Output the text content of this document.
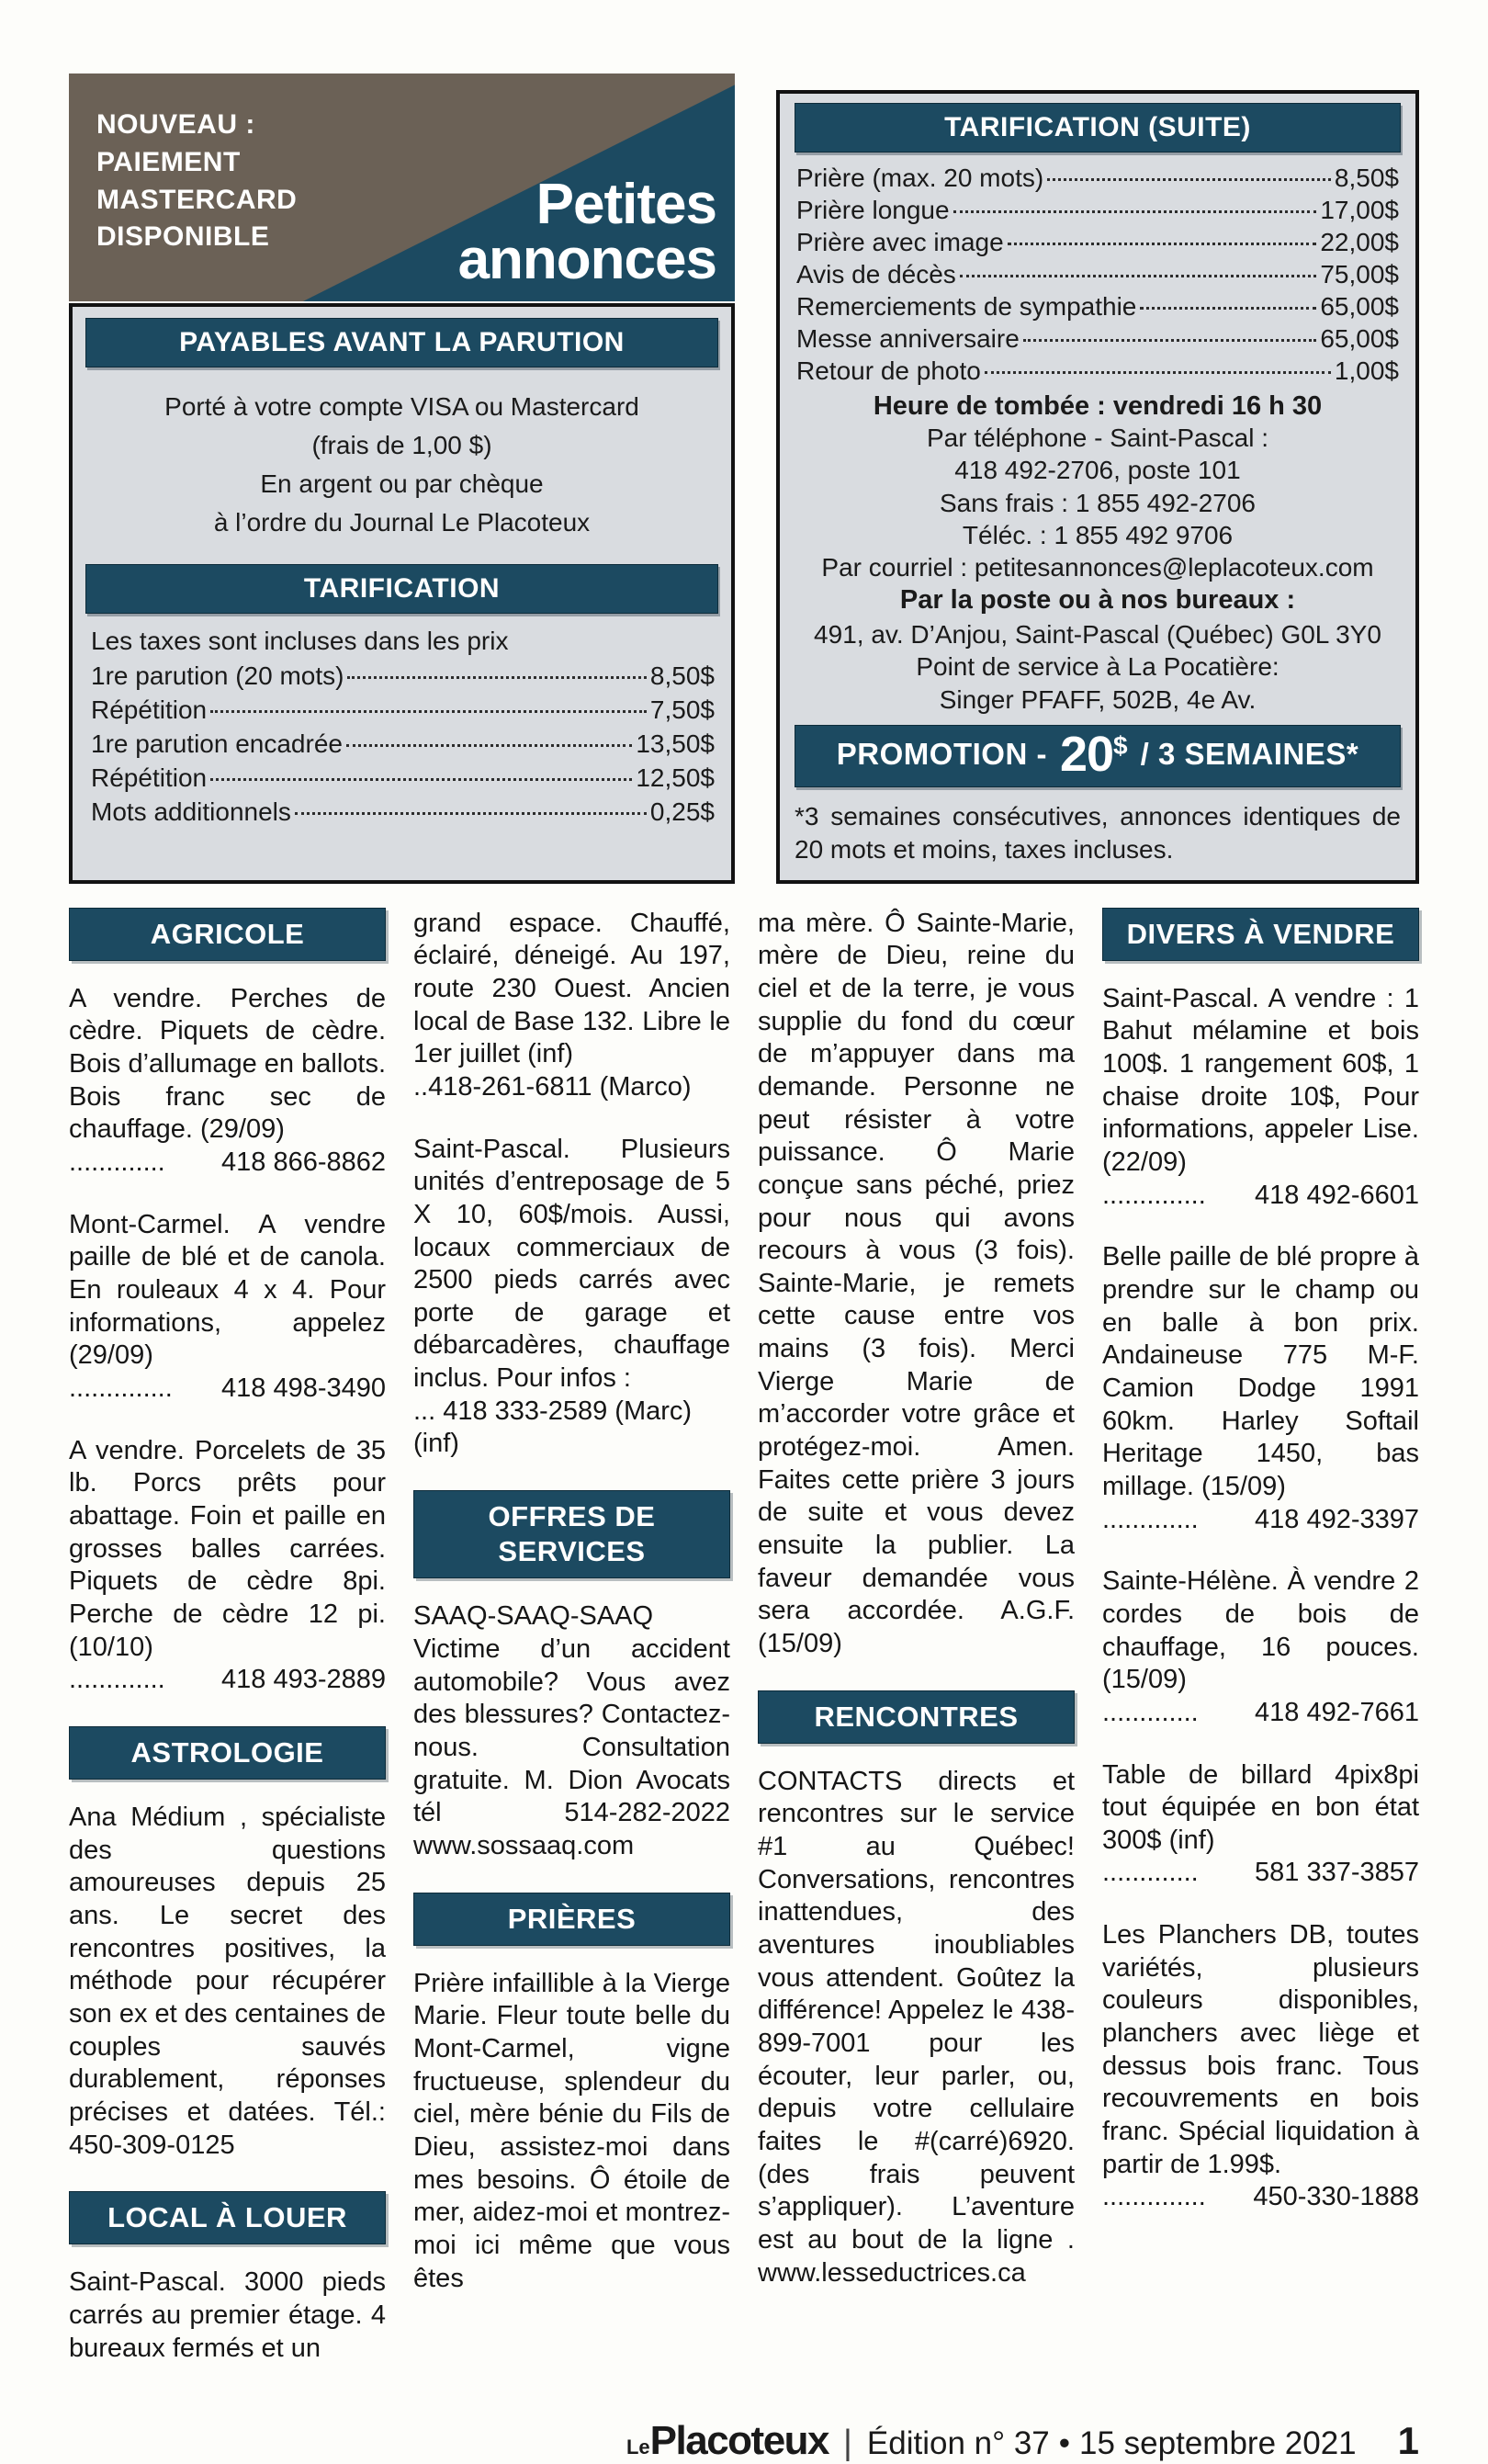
NOUVEAU :
PAIEMENT
MASTERCARD
DISPONIBLE
Petites
annonces
PAYABLES AVANT LA PARUTION
Porté à votre compte VISA ou Mastercard
(frais de 1,00 $)
En argent ou par chèque
à l’ordre du Journal Le Placoteux
TARIFICATION
Les taxes sont incluses dans les prix
1re parution (20 mots)	8,50$
Répétition	7,50$
1re parution encadrée	13,50$
Répétition	12,50$
Mots additionnels	0,25$
TARIFICATION (SUITE)
Prière (max. 20 mots)	8,50$
Prière longue	17,00$
Prière avec image	22,00$
Avis de décès	75,00$
Remerciements de sympathie	65,00$
Messe anniversaire	65,00$
Retour de photo	1,00$
Heure de tombée : vendredi 16 h 30
Par téléphone - Saint-Pascal :
418 492-2706, poste 101
Sans frais : 1 855 492-2706
Téléc. : 1 855 492 9706
Par courriel : petitesannonces@leplacoteux.com
Par la poste ou à nos bureaux :
491, av. D’Anjou, Saint-Pascal (Québec) G0L 3Y0
Point de service à La Pocatière:
Singer PFAFF, 502B, 4e Av.
PROMOTION - 20$ / 3 SEMAINES*
*3 semaines consécutives, annonces identiques de 20 mots et moins, taxes incluses.
AGRICOLE
A vendre. Perches de cèdre. Piquets de cèdre. Bois d’allumage en ballots. Bois franc sec de chauffage. (29/09)
............. 418 866-8862
Mont-Carmel. A vendre paille de blé et de canola. En rouleaux 4 x 4. Pour informations, appelez (29/09)
.............. 418 498-3490
A vendre. Porcelets de 35 lb. Porcs prêts pour abattage. Foin et paille en grosses balles carrées. Piquets de cèdre 8pi. Perche de cèdre 12 pi.(10/10)
............. 418 493-2889
ASTROLOGIE
Ana Médium , spécialiste des questions amoureuses depuis 25 ans. Le secret des rencontres positives, la méthode pour récupérer son ex et des centaines de couples sauvés durablement, réponses précises et datées. Tél.: 450-309-0125
LOCAL À LOUER
Saint-Pascal. 3000 pieds carrés au premier étage. 4 bureaux fermés et un
grand espace. Chauffé, éclairé, déneigé. Au 197, route 230 Ouest. Ancien local de Base 132. Libre le 1er juillet (inf)
..418-261-6811 (Marco)
Saint-Pascal. Plusieurs unités d’entreposage de 5 X 10, 60$/mois. Aussi, locaux commerciaux de 2500 pieds carrés avec porte de garage et débarcadères, chauffage inclus. Pour infos :
... 418 333-2589 (Marc) (inf)
OFFRES DE SERVICES
SAAQ-SAAQ-SAAQ Victime d’un accident automobile? Vous avez des blessures? Contactez-nous. Consultation gratuite. M. Dion Avocats tél 514-282-2022 www.sossaaq.com
PRIÈRES
Prière infaillible à la Vierge Marie. Fleur toute belle du Mont-Carmel, vigne fructueuse, splendeur du ciel, mère bénie du Fils de Dieu, assistez-moi dans mes besoins. Ô étoile de mer, aidez-moi et montrez-moi ici même que vous êtes
ma mère. Ô Sainte-Marie, mère de Dieu, reine du ciel et de la terre, je vous supplie du fond du cœur de m’appuyer dans ma demande. Personne ne peut résister à votre puissance. Ô Marie conçue sans péché, priez pour nous qui avons recours à vous (3 fois). Sainte-Marie, je remets cette cause entre vos mains (3 fois). Merci Vierge Marie de m’accorder votre grâce et protégez-moi. Amen. Faites cette prière 3 jours de suite et vous devez ensuite la publier. La faveur demandée vous sera accordée. A.G.F. (15/09)
RENCONTRES
CONTACTS directs et rencontres sur le service #1 au Québec! Conversations, rencontres inattendues, des aventures inoubliables vous attendent. Goûtez la différence! Appelez le 438-899-7001 pour les écouter, leur parler, ou, depuis votre cellulaire faites le #(carré)6920. (des frais peuvent s’appliquer). L’aventure est au bout de la ligne . www.lesseductrices.ca
DIVERS À VENDRE
Saint-Pascal. A vendre : 1 Bahut mélamine et bois 100$. 1 rangement 60$, 1 chaise droite 10$, Pour informations, appeler Lise. (22/09)
.............. 418 492-6601
Belle paille de blé propre à prendre sur le champ ou en balle à bon prix. Andaineuse 775 M-F. Camion Dodge 1991 60km. Harley Softail Heritage 1450, bas millage. (15/09)
............. 418 492-3397
Sainte-Hélène. À vendre 2 cordes de bois de chauffage, 16 pouces. (15/09)
............. 418 492-7661
Table de billard 4pix8pi tout équipée en bon état 300$ (inf)
............. 581 337-3857
Les Planchers DB, toutes variétés, plusieurs couleurs disponibles, planchers avec liège et dessus bois franc. Tous recouvrements en bois franc. Spécial liquidation à partir de 1.99$.
.............. 450-330-1888
Le Placoteux | Édition n° 37 • 15 septembre 2021 1
